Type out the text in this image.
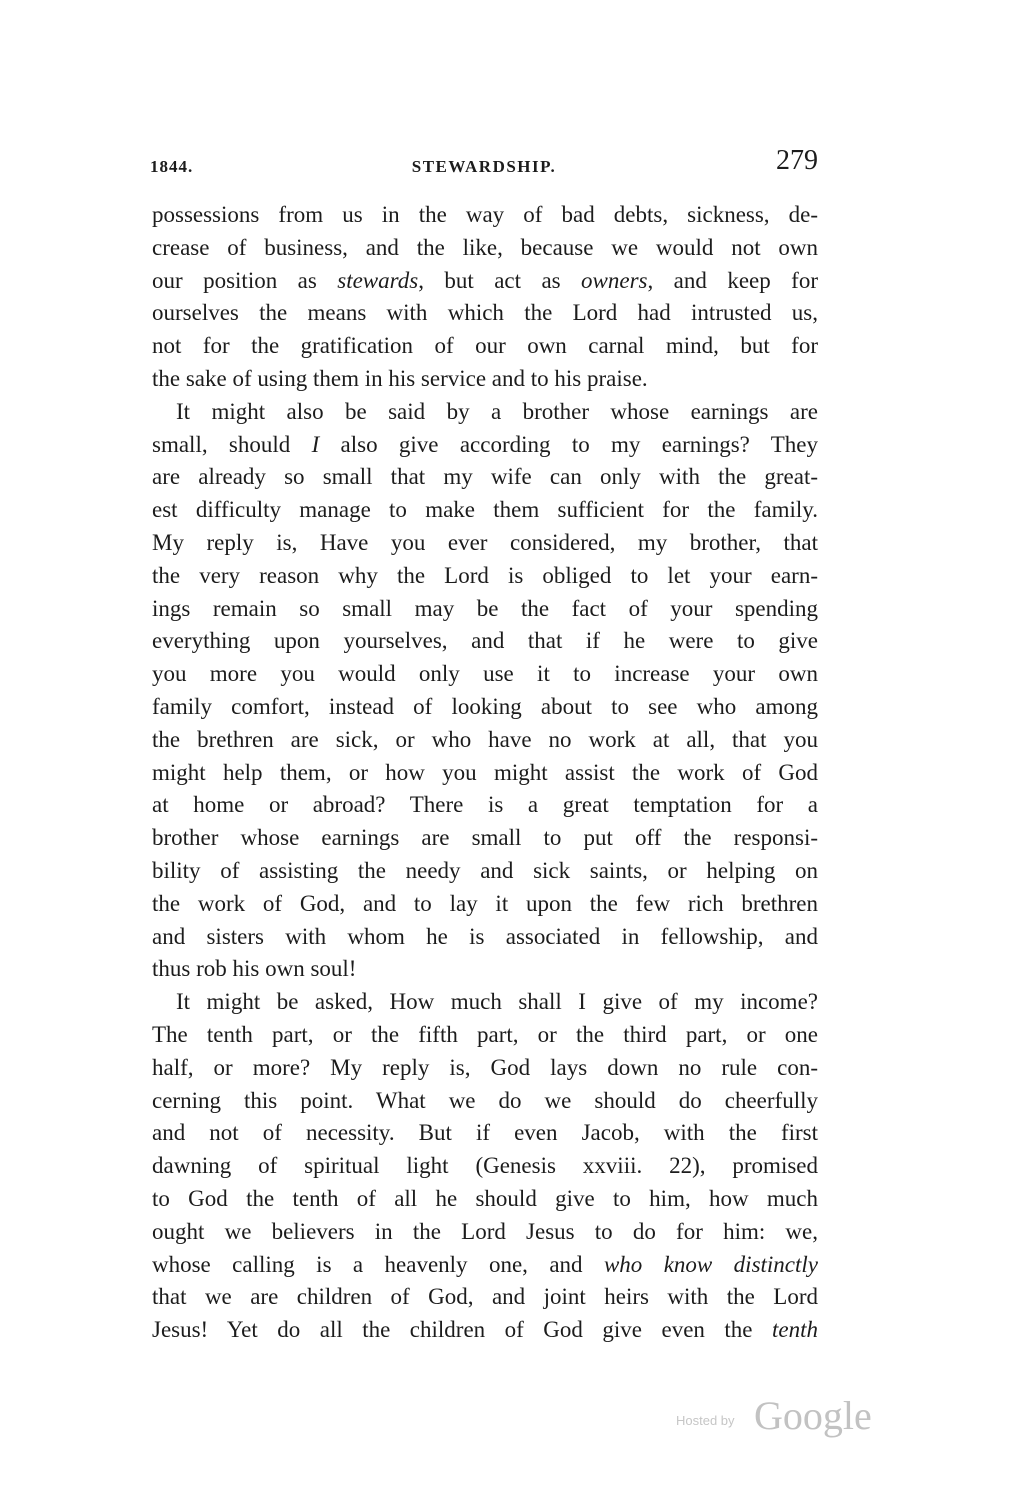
1844.	STEWARDSHIP.	279
possessions from us in the way of bad debts, sickness, de-
crease of business, and the like, because we would not own
our position as stewards, but act as owners, and keep for
ourselves the means with which the Lord had intrusted us,
not for the gratification of our own carnal mind, but for
the sake of using them in his service and to his praise.
It might also be said by a brother whose earnings are
small, should I also give according to my earnings? They
are already so small that my wife can only with the great-
est difficulty manage to make them sufficient for the family.
My reply is, Have you ever considered, my brother, that
the very reason why the Lord is obliged to let your earn-
ings remain so small may be the fact of your spending
everything upon yourselves, and that if he were to give
you more you would only use it to increase your own
family comfort, instead of looking about to see who among
the brethren are sick, or who have no work at all, that you
might help them, or how you might assist the work of God
at home or abroad? There is a great temptation for a
brother whose earnings are small to put off the responsi-
bility of assisting the needy and sick saints, or helping on
the work of God, and to lay it upon the few rich brethren
and sisters with whom he is associated in fellowship, and
thus rob his own soul!
It might be asked, How much shall I give of my income?
The tenth part, or the fifth part, or the third part, or one
half, or more? My reply is, God lays down no rule con-
cerning this point. What we do we should do cheerfully
and not of necessity. But if even Jacob, with the first
dawning of spiritual light (Genesis xxviii. 22), promised
to God the tenth of all he should give to him, how much
ought we believers in the Lord Jesus to do for him: we,
whose calling is a heavenly one, and who know distinctly
that we are children of God, and joint heirs with the Lord
Jesus! Yet do all the children of God give even the tenth
Hosted by Google
